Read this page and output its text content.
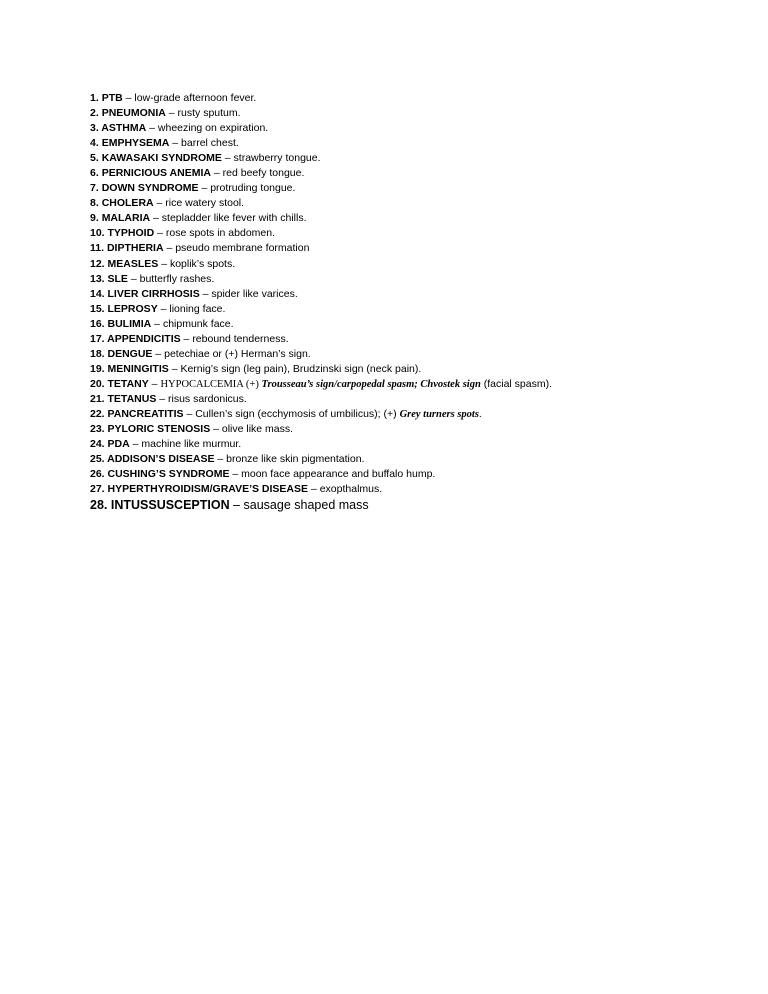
1. PTB – low-grade afternoon fever.
2. PNEUMONIA – rusty sputum.
3. ASTHMA – wheezing on expiration.
4. EMPHYSEMA – barrel chest.
5. KAWASAKI SYNDROME – strawberry tongue.
6. PERNICIOUS ANEMIA – red beefy tongue.
7. DOWN SYNDROME – protruding tongue.
8. CHOLERA – rice watery stool.
9. MALARIA – stepladder like fever with chills.
10. TYPHOID – rose spots in abdomen.
11. DIPTHERIA – pseudo membrane formation
12. MEASLES – koplik’s spots.
13. SLE – butterfly rashes.
14. LIVER CIRRHOSIS – spider like varices.
15. LEPROSY – lioning face.
16. BULIMIA – chipmunk face.
17. APPENDICITIS – rebound tenderness.
18. DENGUE – petechiae or (+) Herman’s sign.
19. MENINGITIS – Kernig’s sign (leg pain), Brudzinski sign (neck pain).
20. TETANY – HYPOCALCEMIA (+) Trousseau’s sign/carpopedal spasm; Chvostek sign (facial spasm).
21. TETANUS – risus sardonicus.
22. PANCREATITIS – Cullen’s sign (ecchymosis of umbilicus); (+) Grey turners spots.
23. PYLORIC STENOSIS – olive like mass.
24. PDA – machine like murmur.
25. ADDISON’S DISEASE – bronze like skin pigmentation.
26. CUSHING’S SYNDROME – moon face appearance and buffalo hump.
27. HYPERTHYROIDISM/GRAVE’S DISEASE – exopthalmus.
28. INTUSSUSCEPTION – sausage shaped mass
